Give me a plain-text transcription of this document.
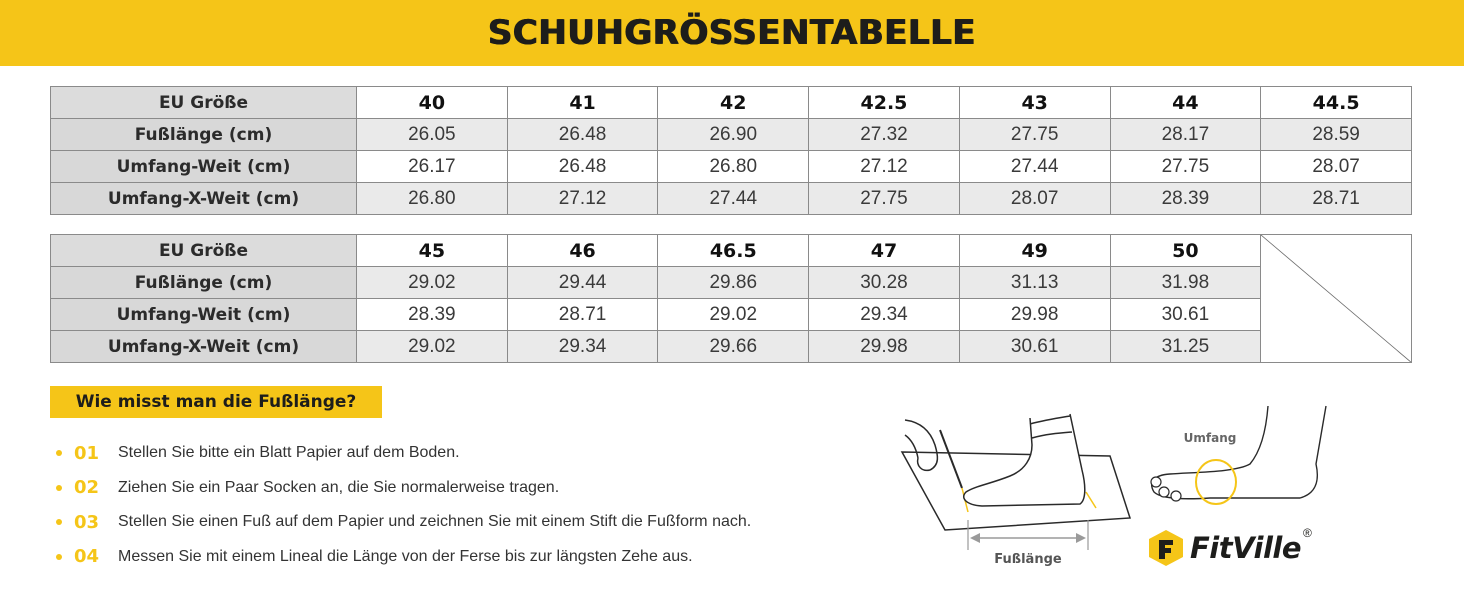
SCHUHGRÖSSENTABELLE
EU Größe	40	41	42	42.5	43	44	44.5
Fußlänge (cm)	26.05	26.48	26.90	27.32	27.75	28.17	28.59
Umfang-Weit (cm)	26.17	26.48	26.80	27.12	27.44	27.75	28.07
Umfang-X-Weit (cm)	26.80	27.12	27.44	27.75	28.07	28.39	28.71
EU Größe	45	46	46.5	47	49	50	

Fußlänge (cm)	29.02	29.44	29.86	30.28	31.13	31.98	
Umfang-Weit (cm)	28.39	28.71	29.02	29.34	29.98	30.61	
Umfang-X-Weit (cm)	29.02	29.34	29.66	29.98	30.61	31.25	
Wie misst man die Fußlänge?
01	Stellen Sie bitte ein Blatt Papier auf dem Boden.
02	Ziehen Sie ein Paar Socken an, die Sie normalerweise tragen.
03	Stellen Sie einen Fuß auf dem Papier und zeichnen Sie mit einem Stift die Fußform nach.
04	Messen Sie mit einem Lineal die Länge von der Ferse bis zur längsten Zehe aus.	Fußlänge
Umfang
FitVille ®
